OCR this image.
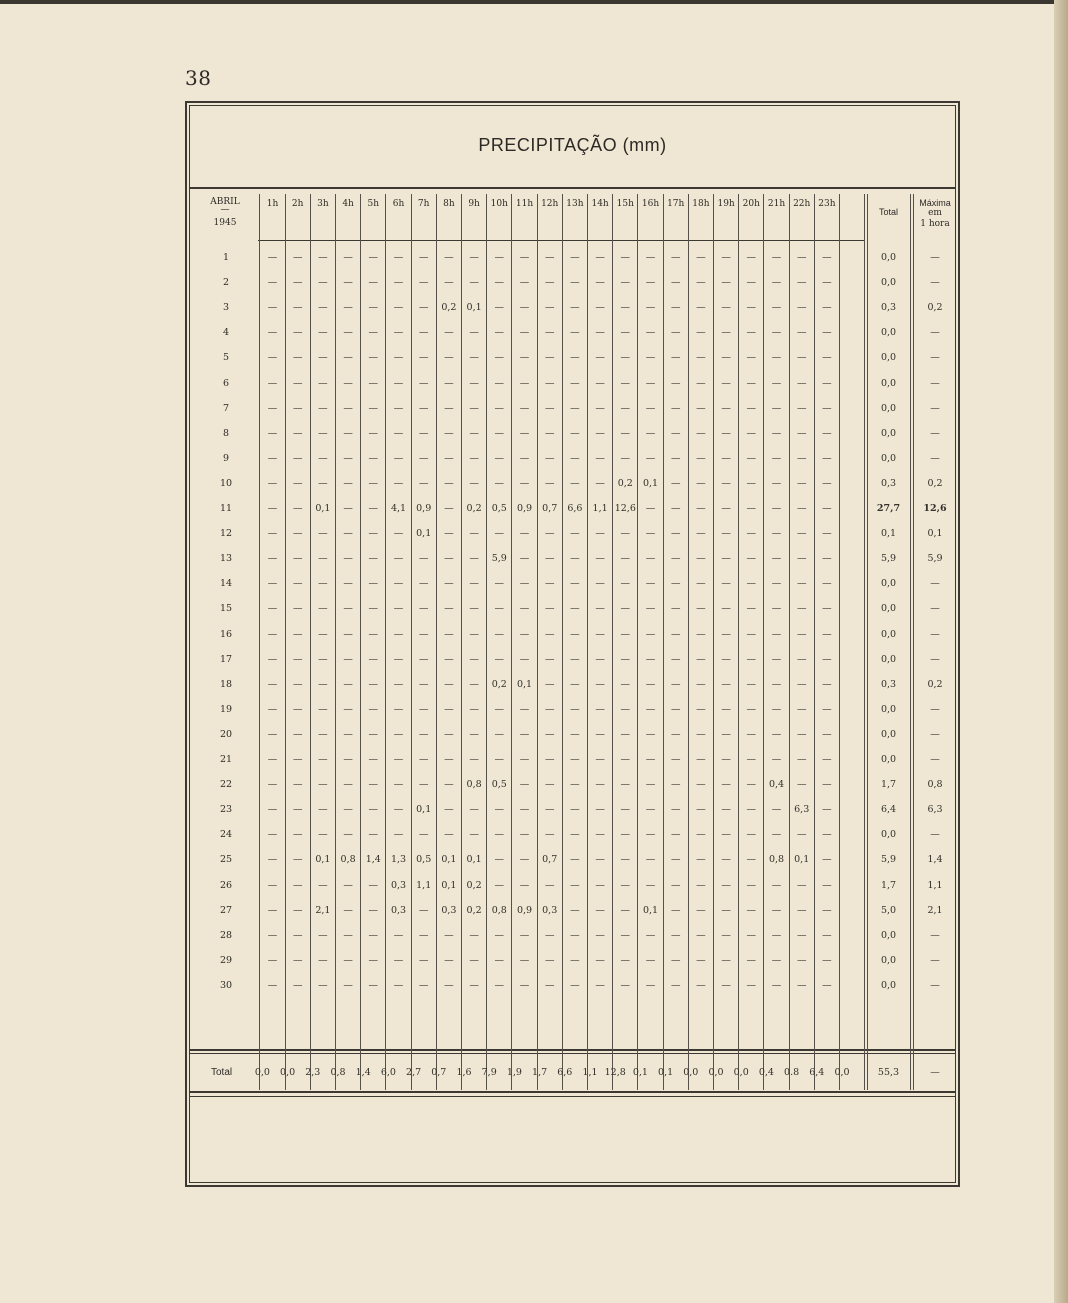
38
PRECIPITAÇÃO (mm)
ABRIL
—
1945
1h	2h	3h	4h	5h	6h	7h	8h	9h	10h 11h 12h 13h 14h 15h 16h 17h 18h 19h 20h 21h 22h 23h
Total
Máxima
em
1 hora
1	—	—	—	—	—	—	—	—	—	—	—	—	—	—	—	—	—	—	—	—	—	—	—	0,0	—
2	—	—	—	—	—	—	—	—	—	—	—	—	—	—	—	—	—	—	—	—	—	—	—	0,0	—
3	—	—	—	—	—	—	—	0,2	0,1	—	—	—	—	—	—	—	—	—	—	—	—	—	—	0,3	0,2
4	—	—	—	—	—	—	—	—	—	—	—	—	—	—	—	—	—	—	—	—	—	—	—	0,0	—
5	—	—	—	—	—	—	—	—	—	—	—	—	—	—	—	—	—	—	—	—	—	—	—	0,0	—
6	—	—	—	—	—	—	—	—	—	—	—	—	—	—	—	—	—	—	—	—	—	—	—	0,0	—
7	—	—	—	—	—	—	—	—	—	—	—	—	—	—	—	—	—	—	—	—	—	—	—	0,0	—
8	—	—	—	—	—	—	—	—	—	—	—	—	—	—	—	—	—	—	—	—	—	—	—	0,0	—
9	—	—	—	—	—	—	—	—	—	—	—	—	—	—	—	—	—	—	—	—	—	—	—	0,0	—
10	—	—	—	—	—	—	—	—	—	—	—	—	—	—	0,2	0,1	—	—	—	—	—	—	—	0,3	0,2
11	—	—	0,1	—	—	4,1	0,9	—	0,2	0,5	0,9	0,7	6,6	1,1 12,6	—	—	—	—	—	—	—	—	27,7	12,6
12	—	—	—	—	—	—	0,1	—	—	—	—	—	—	—	—	—	—	—	—	—	—	—	—	0,1	0,1
13	—	—	—	—	—	—	—	—	—	5,9	—	—	—	—	—	—	—	—	—	—	—	—	—	5,9	5,9
14	—	—	—	—	—	—	—	—	—	—	—	—	—	—	—	—	—	—	—	—	—	—	—	0,0	—
15	—	—	—	—	—	—	—	—	—	—	—	—	—	—	—	—	—	—	—	—	—	—	—	0,0	—
16	—	—	—	—	—	—	—	—	—	—	—	—	—	—	—	—	—	—	—	—	—	—	—	0,0	—
17	—	—	—	—	—	—	—	—	—	—	—	—	—	—	—	—	—	—	—	—	—	—	—	0,0	—
18	—	—	—	—	—	—	—	—	—	0,2	0,1	—	—	—	—	—	—	—	—	—	—	—	—	0,3	0,2
19	—	—	—	—	—	—	—	—	—	—	—	—	—	—	—	—	—	—	—	—	—	—	—	0,0	—
20	—	—	—	—	—	—	—	—	—	—	—	—	—	—	—	—	—	—	—	—	—	—	—	0,0	—
21	—	—	—	—	—	—	—	—	—	—	—	—	—	—	—	—	—	—	—	—	—	—	—	0,0	—
22	—	—	—	—	—	—	—	—	0,8	0,5	—	—	—	—	—	—	—	—	—	—	0,4	—	—	1,7	0,8
23	—	—	—	—	—	—	0,1	—	—	—	—	—	—	—	—	—	—	—	—	—	—	6,3	—	6,4	6,3
24	—	—	—	—	—	—	—	—	—	—	—	—	—	—	—	—	—	—	—	—	—	—	—	0,0	—
25	—	—	0,1	0,8	1,4	1,3	0,5	0,1	0,1	—	—	0,7	—	—	—	—	—	—	—	—	0,8	0,1	—	5,9	1,4
26	—	—	—	—	—	0,3	1,1	0,1	0,2	—	—	—	—	—	—	—	—	—	—	—	—	—	—	1,7	1,1
27	—	—	2,1	—	—	0,3	—	0,3	0,2	0,8	0,9	0,3	—	—	—	0,1	—	—	—	—	—	—	—	5,0	2,1
28	—	—	—	—	—	—	—	—	—	—	—	—	—	—	—	—	—	—	—	—	—	—	—	0,0	—
29	—	—	—	—	—	—	—	—	—	—	—	—	—	—	—	—	—	—	—	—	—	—	—	0,0	—
30	—	—	—	—	—	—	—	—	—	—	—	—	—	—	—	—	—	—	—	—	—	—	—	0,0	—
Total	0,0	0,0	2,3	0,8	1,4	6,0	2,7	0,7	1,6	7,9	1,9	1,7	6,6	1,1 12,8 0,1	0,1	0,0	0,0	0,0	0,4	0.8	6,4	0,0	55,3	—
